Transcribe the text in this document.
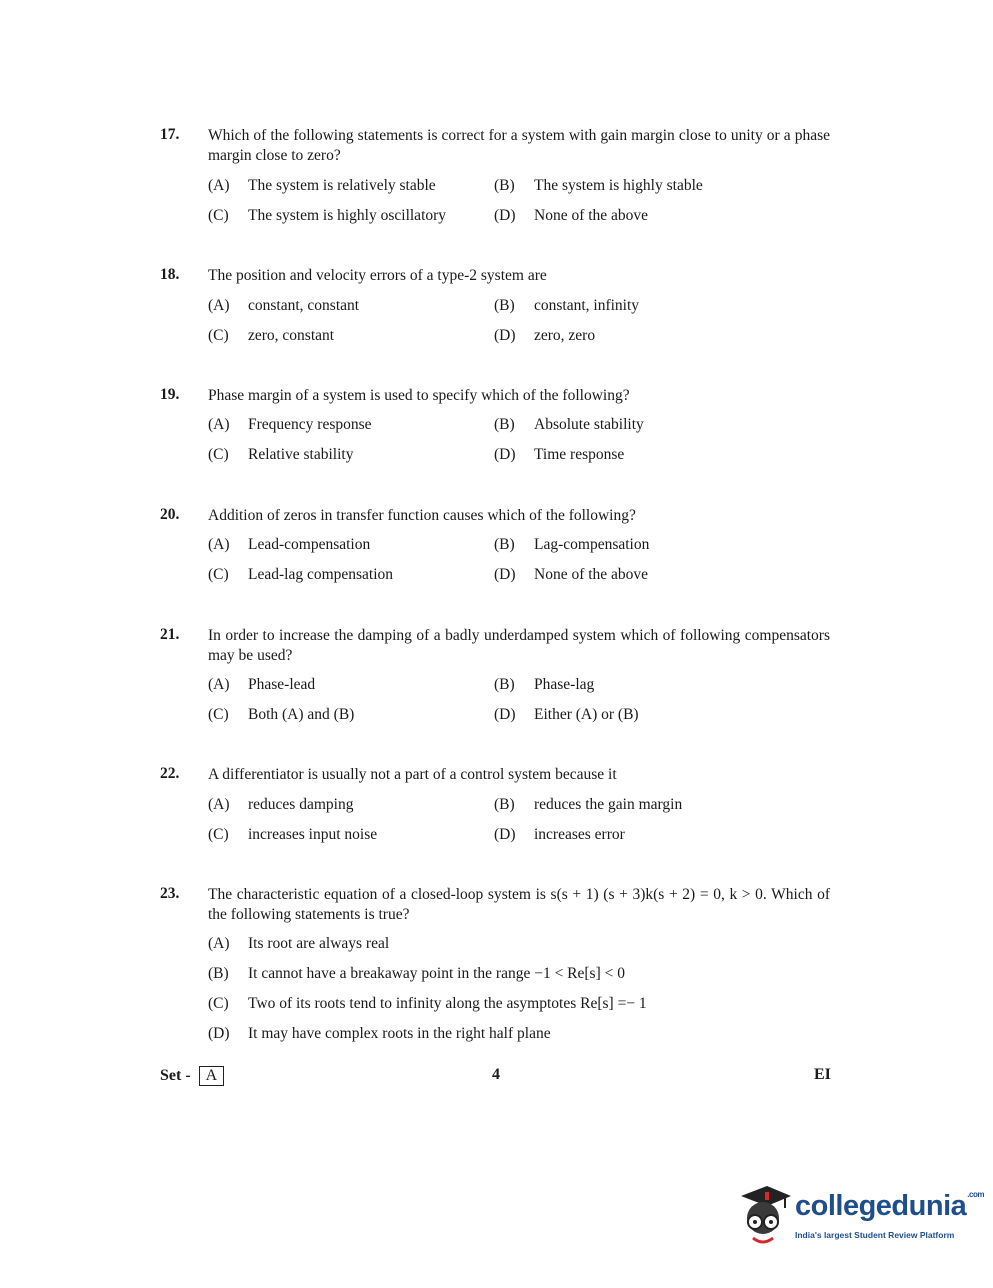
17. Which of the following statements is correct for a system with gain margin close to unity or a phase margin close to zero?
(A) The system is relatively stable	(B) The system is highly stable
(C) The system is highly oscillatory	(D) None of the above
18. The position and velocity errors of a type-2 system are
(A) constant, constant	(B) constant, infinity
(C) zero, constant	(D) zero, zero
19. Phase margin of a system is used to specify which of the following?
(A) Frequency response	(B) Absolute stability
(C) Relative stability	(D) Time response
20. Addition of zeros in transfer function causes which of the following?
(A) Lead-compensation	(B) Lag-compensation
(C) Lead-lag compensation	(D) None of the above
21. In order to increase the damping of a badly underdamped system which of following compensators may be used?
(A) Phase-lead	(B) Phase-lag
(C) Both (A) and (B)	(D) Either (A) or (B)
22. A differentiator is usually not a part of a control system because it
(A) reduces damping	(B) reduces the gain margin
(C) increases input noise	(D) increases error
23. The characteristic equation of a closed-loop system is s(s + 1) (s + 3)k(s + 2) = 0, k > 0. Which of the following statements is true?
(A) Its root are always real
(B) It cannot have a breakaway point in the range −1 < Re[s] < 0
(C) Two of its roots tend to infinity along the asymptotes Re[s] =− 1
(D) It may have complex roots in the right half plane
Set - A	4	EI
collegedunia$^{.com}$
India's largest Student Review Platform
